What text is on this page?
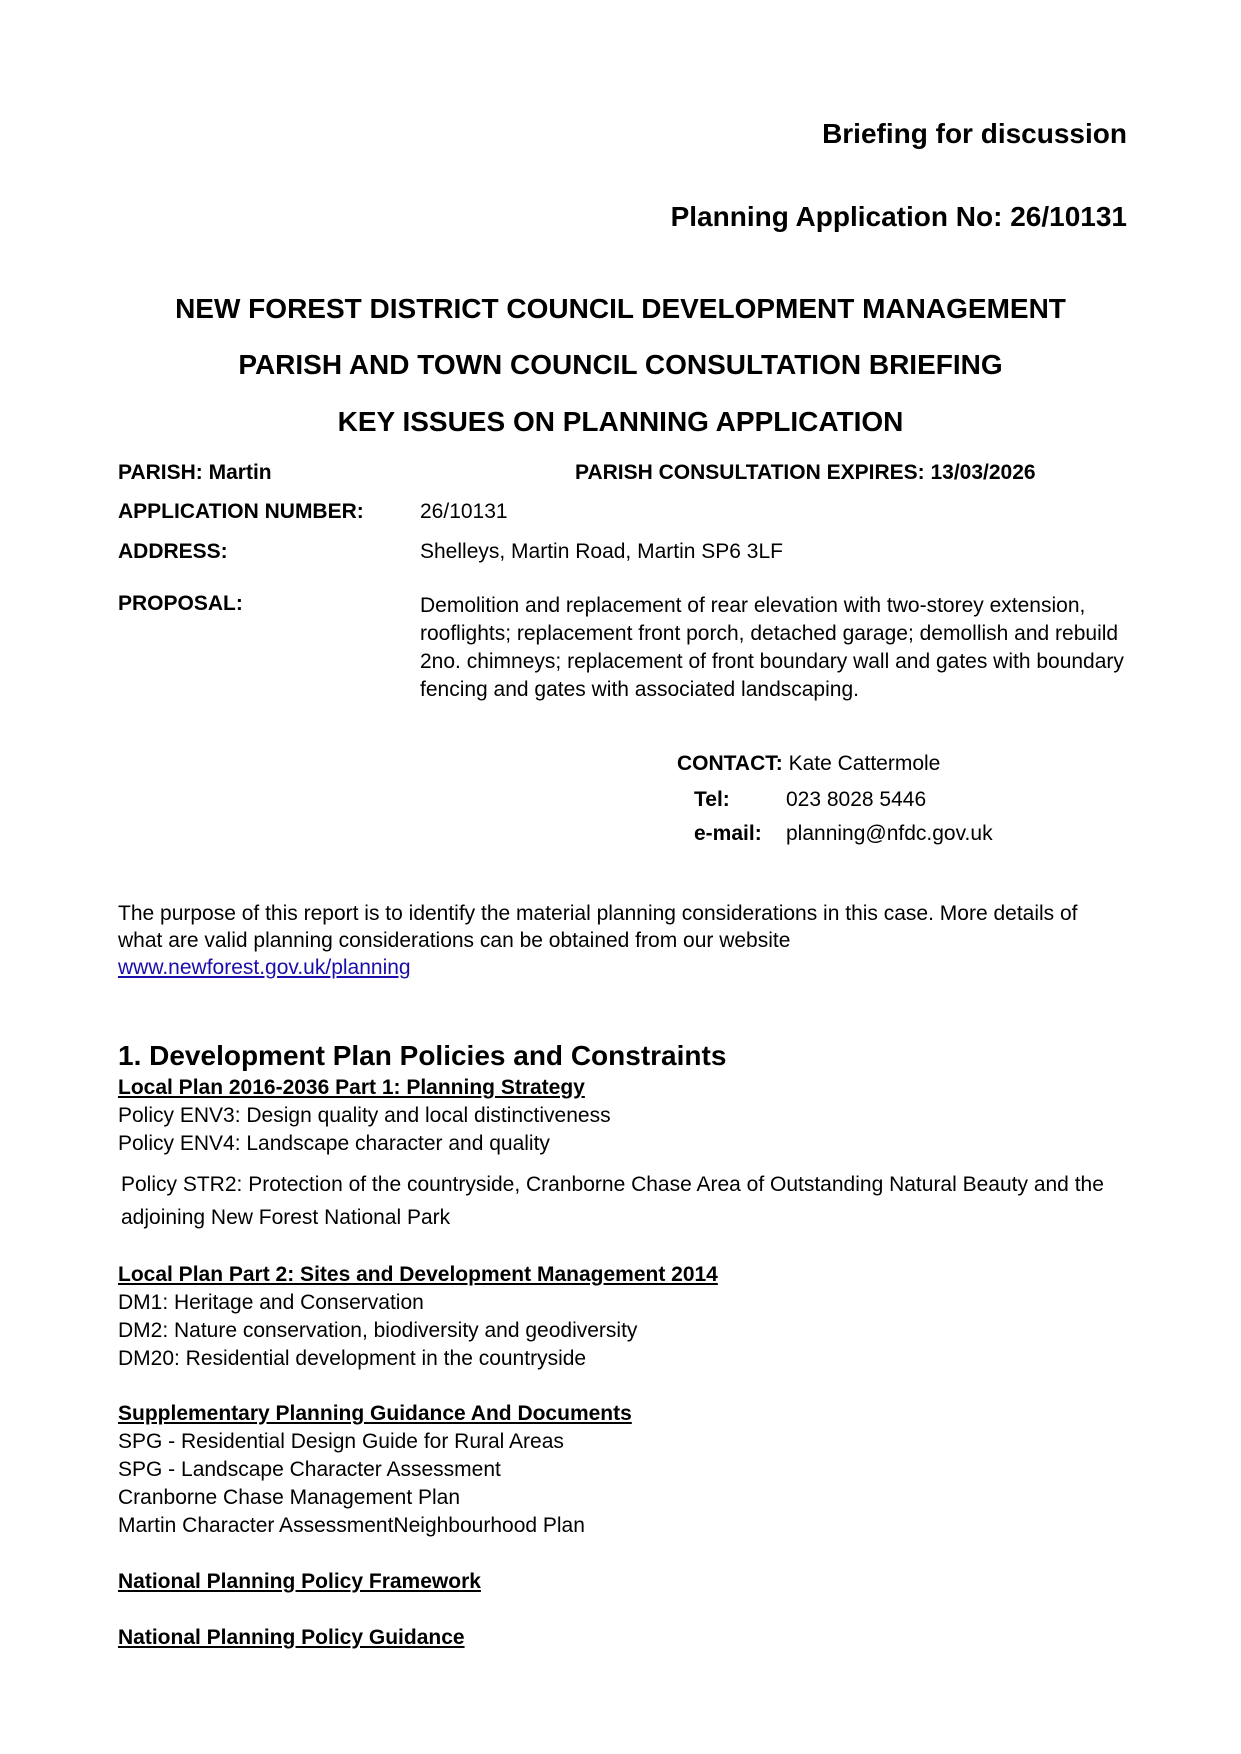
Briefing for discussion
Planning Application No: 26/10131
NEW FOREST DISTRICT COUNCIL DEVELOPMENT MANAGEMENT
PARISH AND TOWN COUNCIL CONSULTATION BRIEFING
KEY ISSUES ON PLANNING APPLICATION
PARISH: Martin	PARISH CONSULTATION EXPIRES: 13/03/2026
APPLICATION NUMBER:	26/10131
ADDRESS:	Shelleys, Martin Road, Martin SP6 3LF
PROPOSAL:	Demolition and replacement of rear elevation with two-storey extension, rooflights; replacement front porch, detached garage; demollish and rebuild 2no. chimneys; replacement of front boundary wall and gates with boundary fencing and gates with associated landscaping.
CONTACT: Kate Cattermole
Tel:	023 8028 5446
e-mail: planning@nfdc.gov.uk
The purpose of this report is to identify the material planning considerations in this case. More details of what are valid planning considerations can be obtained from our website
www.newforest.gov.uk/planning
1. Development Plan Policies and Constraints
Local Plan 2016-2036 Part 1: Planning Strategy
Policy ENV3: Design quality and local distinctiveness
Policy ENV4: Landscape character and quality
Policy STR2: Protection of the countryside, Cranborne Chase Area of Outstanding Natural Beauty and the adjoining New Forest National Park
Local Plan Part 2: Sites and Development Management 2014
DM1: Heritage and Conservation
DM2: Nature conservation, biodiversity and geodiversity
DM20: Residential development in the countryside
Supplementary Planning Guidance And Documents
SPG - Residential Design Guide for Rural Areas
SPG - Landscape Character Assessment
Cranborne Chase Management Plan
Martin Character AssessmentNeighbourhood Plan
National Planning Policy Framework
National Planning Policy Guidance
